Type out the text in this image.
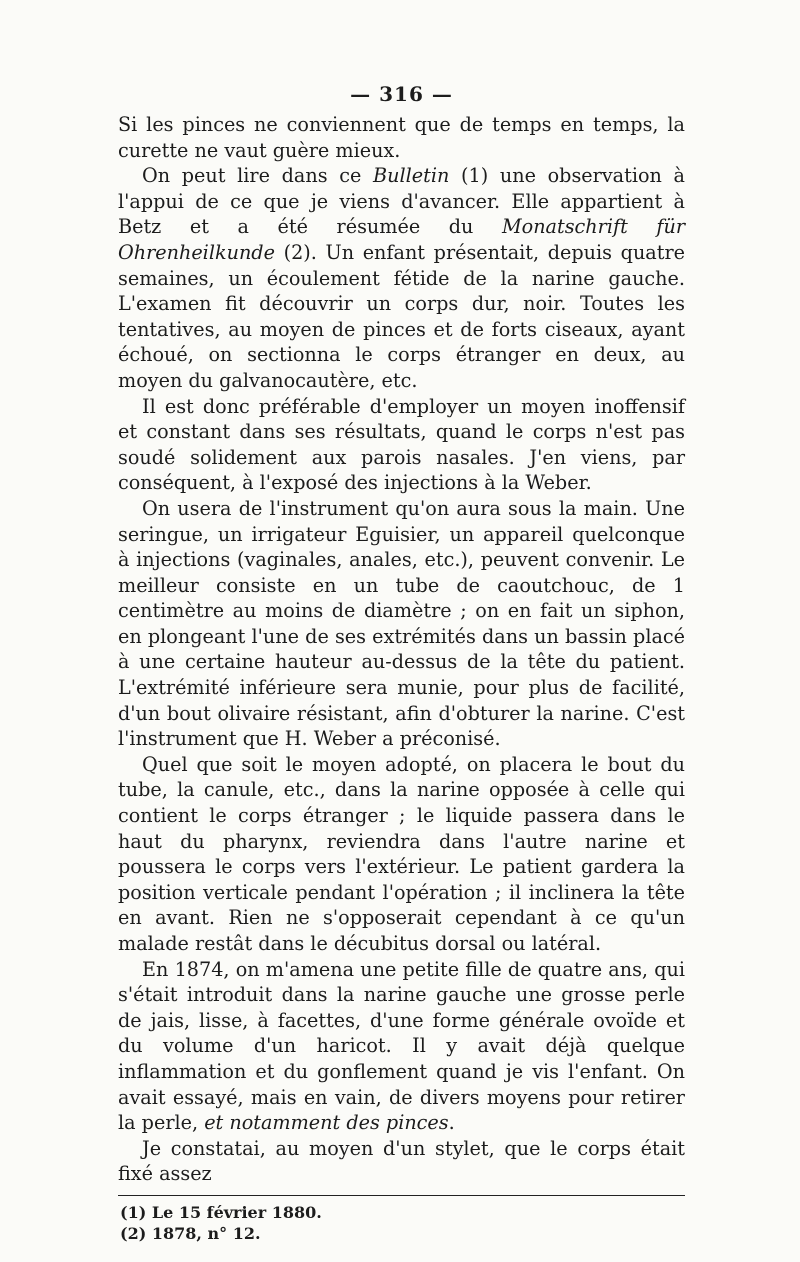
— 316 —

Si les pinces ne conviennent que de temps en temps, la curette ne vaut guère mieux.

On peut lire dans ce Bulletin (1) une observation à l'appui de ce que je viens d'avancer. Elle appartient à Betz et a été résumée du Monatschrift für Ohrenheilkunde (2). Un enfant présentait, depuis quatre semaines, un écoulement fétide de la narine gauche. L'examen fit découvrir un corps dur, noir. Toutes les tentatives, au moyen de pinces et de forts ciseaux, ayant échoué, on sectionna le corps étranger en deux, au moyen du galvanocautère, etc.

Il est donc préférable d'employer un moyen inoffensif et constant dans ses résultats, quand le corps n'est pas soudé solidement aux parois nasales. J'en viens, par conséquent, à l'exposé des injections à la Weber.

On usera de l'instrument qu'on aura sous la main. Une seringue, un irrigateur Eguisier, un appareil quelconque à injections (vaginales, anales, etc.), peuvent convenir. Le meilleur consiste en un tube de caoutchouc, de 1 centimètre au moins de diamètre ; on en fait un siphon, en plongeant l'une de ses extrémités dans un bassin placé à une certaine hauteur au-dessus de la tête du patient. L'extrémité inférieure sera munie, pour plus de facilité, d'un bout olivaire résistant, afin d'obturer la narine. C'est l'instrument que H. Weber a préconisé.

Quel que soit le moyen adopté, on placera le bout du tube, la canule, etc., dans la narine opposée à celle qui contient le corps étranger ; le liquide passera dans le haut du pharynx, reviendra dans l'autre narine et poussera le corps vers l'extérieur. Le patient gardera la position verticale pendant l'opération ; il inclinera la tête en avant. Rien ne s'opposerait cependant à ce qu'un malade restât dans le décubitus dorsal ou latéral.

En 1874, on m'amena une petite fille de quatre ans, qui s'était introduit dans la narine gauche une grosse perle de jais, lisse, à facettes, d'une forme générale ovoïde et du volume d'un haricot. Il y avait déjà quelque inflammation et du gonflement quand je vis l'enfant. On avait essayé, mais en vain, de divers moyens pour retirer la perle, et notamment des pinces.

Je constatai, au moyen d'un stylet, que le corps était fixé assez

(1) Le 15 février 1880.
(2) 1878, n° 12.
